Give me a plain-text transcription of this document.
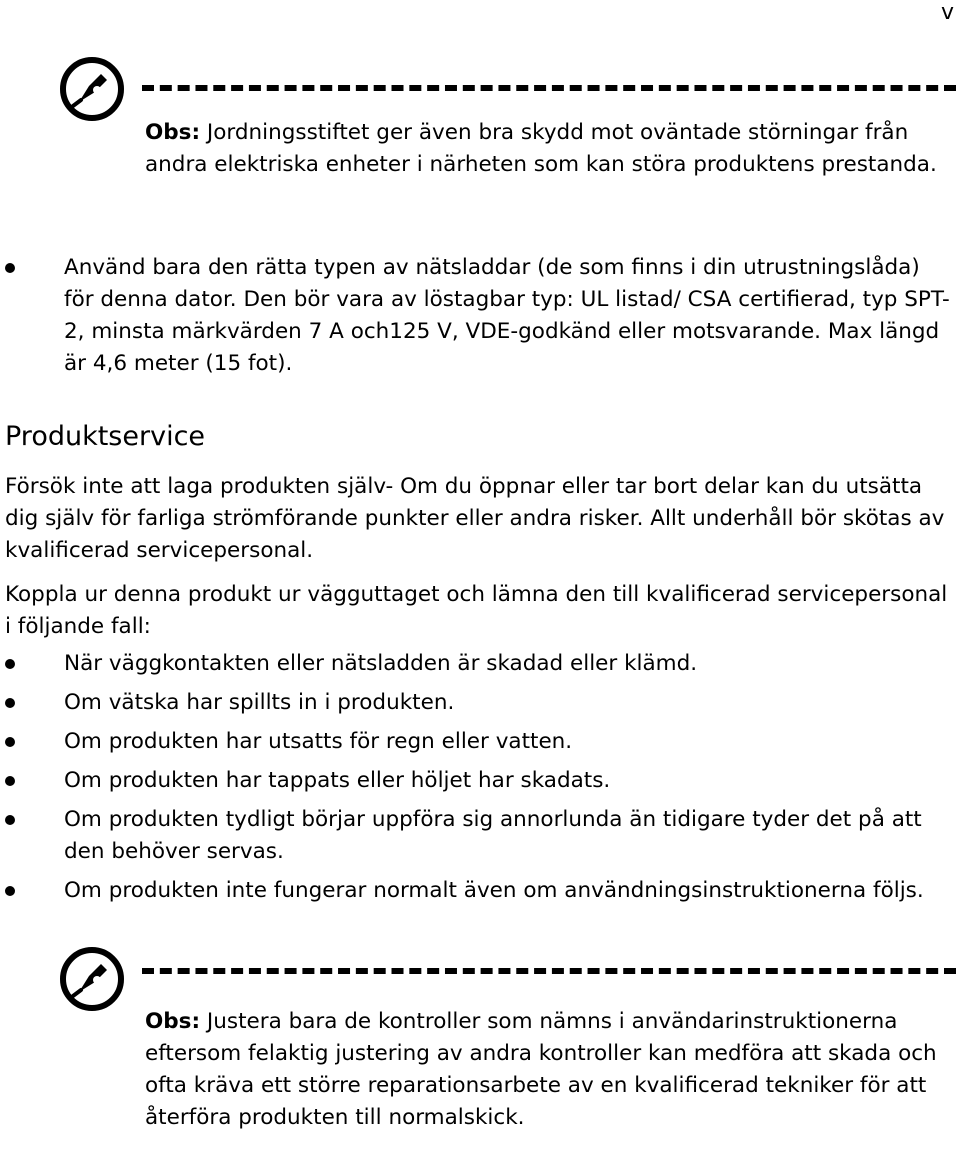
v

Obs: Jordningsstiftet ger även bra skydd mot oväntade störningar från andra elektriska enheter i närheten som kan störa produktens prestanda.

Använd bara den rätta typen av nätsladdar (de som finns i din utrustningslåda) för denna dator. Den bör vara av löstagbar typ: UL listad/ CSA certifierad, typ SPT-2, minsta märkvärden 7 A och125 V, VDE-godkänd eller motsvarande. Max längd är 4,6 meter (15 fot).
Produktservice

Försök inte att laga produkten själv- Om du öppnar eller tar bort delar kan du utsätta dig själv för farliga strömförande punkter eller andra risker. Allt underhåll bör skötas av kvalificerad servicepersonal.

Koppla ur denna produkt ur vägguttaget och lämna den till kvalificerad servicepersonal i följande fall:

När väggkontakten eller nätsladden är skadad eller klämd.
Om vätska har spillts in i produkten.
Om produkten har utsatts för regn eller vatten.
Om produkten har tappats eller höljet har skadats.
Om produkten tydligt börjar uppföra sig annorlunda än tidigare tyder det på att den behöver servas.
Om produkten inte fungerar normalt även om användningsinstruktionerna följs.

Obs: Justera bara de kontroller som nämns i användarinstruktionerna eftersom felaktig justering av andra kontroller kan medföra att skada och ofta kräva ett större reparationsarbete av en kvalificerad tekniker för att återföra produkten till normalskick.
